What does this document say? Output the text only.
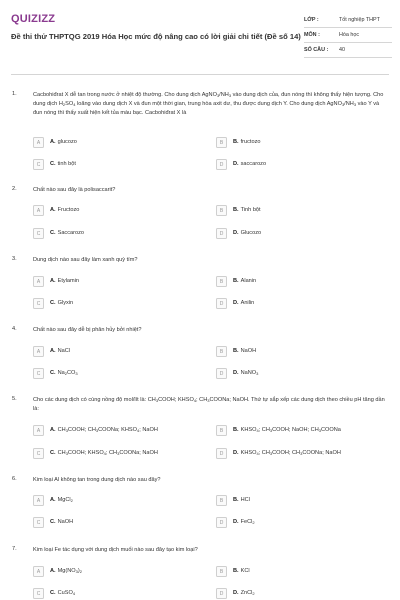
QUIZIZZ
Đề thi thử THPTQG 2019 Hóa Học mức độ nâng cao có lời giải chi tiết (Đề số 14)
LỚP :	Tốt nghiệp THPT
MÔN :	Hóa học
SỐ CÂU : 40
1.	Cacbohiđrat X dễ tan trong nước ở nhiệt độ thường. Cho dung dịch $AgNO_3/NH_3$ vào dung dịch của, đun nóng thì không thấy hiện tượng. Cho dung dịch $H_2SO_4$ loãng vào dung dịch X và đun một thời gian, trung hòa axit dư, thu được dung dịch Y. Cho dung dịch $AgNO_3/NH_3$ vào Y và đun nóng thì thấy xuất hiện kết tủa màu bạc. Cacbohiđrat X là
A	A. glucozo	B	B. fructozo
C	C. tinh bột	D	D. saccarozo
2.	Chất nào sau đây là polisaccarit?
A	A. Fructozo	B	B. Tinh bột
C	C. Saccarozo	D	D. Glucozo
3.	Dung dịch nào sau đây làm xanh quỳ tím?
A	A. Etylamin	B	B. Alanin
C	C. Glyxin	D	D. Anilin
4.	Chất nào sau đây dễ bị phân hủy bởi nhiệt?
A	A. NaCl	B	B. NaOH
C	C. $Na_2CO_3$	D	D. NaNO$_3$
5.	Cho các dung dịch có cùng nồng độ mol/lít là: $CH_3COOH$; $KHSO_4$; $CH_3COONa$; NaOH. Thứ tự sắp xếp các dung dịch theo chiều pH tăng dần là:
A	A. $CH_3COOH$; $CH_3COONa$; $KHSO_4$; NaOH	B	B. $KHSO_4$; $CH_3COOH$; NaOH; $CH_3COONa$
C	C. $CH_3COOH$; $KHSO_4$; $CH_3COONa$; NaOH	D	D. $KHSO_4$; $CH_3COOH$; $CH_3COONa$; NaOH
6.	Kim loại Al không tan trong dung dịch nào sau đây?
A	A. MgCl$_2$	B	B. HCl
C	C. NaOH	D	D. FeCl$_2$
7.	Kim loại Fe tác dụng với dung dịch muối nào sau đây tạo kim loại?
A	A. $Mg(NO_3)_2$	B	B. KCl
C	C. CuSO$_4$	D	D. ZnCl$_2$
